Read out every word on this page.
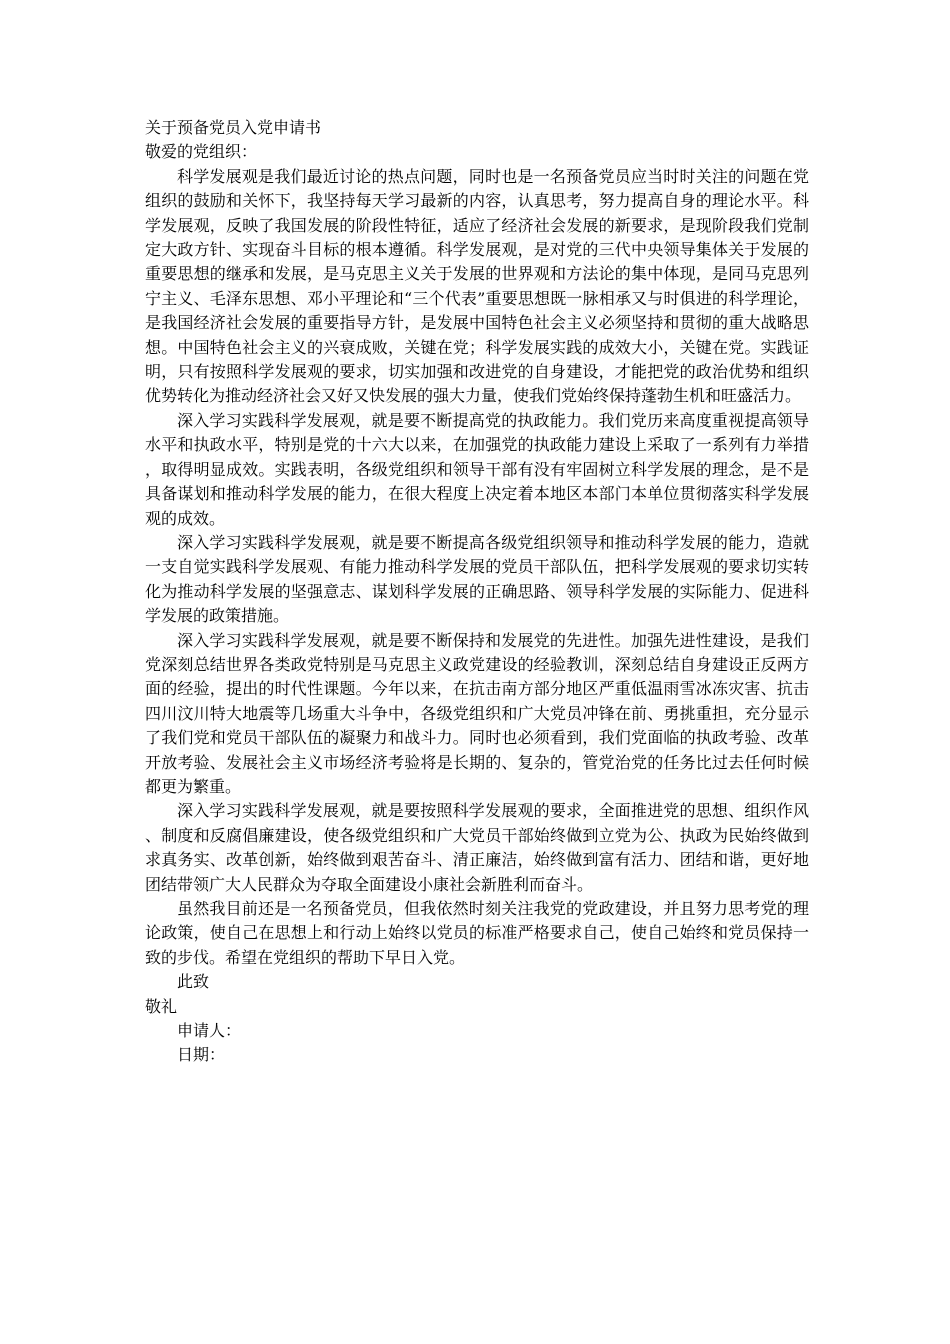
关于预备党员入党申请书

敬爱的党组织：

科学发展观是我们最近讨论的热点问题，同时也是一名预备党员应当时时关注的问题在党组织的鼓励和关怀下，我坚持每天学习最新的内容，认真思考，努力提高自身的理论水平。科学发展观，反映了我国发展的阶段性特征，适应了经济社会发展的新要求，是现阶段我们党制定大政方针、实现奋斗目标的根本遵循。科学发展观，是对党的三代中央领导集体关于发展的重要思想的继承和发展，是马克思主义关于发展的世界观和方法论的集中体现，是同马克思列宁主义、毛泽东思想、邓小平理论和“三个代表”重要思想既一脉相承又与时俱进的科学理论，是我国经济社会发展的重要指导方针，是发展中国特色社会主义必须坚持和贯彻的重大战略思想。中国特色社会主义的兴衰成败，关键在党；科学发展实践的成效大小，关键在党。实践证明，只有按照科学发展观的要求，切实加强和改进党的自身建设，才能把党的政治优势和组织优势转化为推动经济社会又好又快发展的强大力量，使我们党始终保持蓬勃生机和旺盛活力。

深入学习实践科学发展观，就是要不断提高党的执政能力。我们党历来高度重视提高领导水平和执政水平，特别是党的十六大以来，在加强党的执政能力建设上采取了一系列有力举措，取得明显成效。实践表明，各级党组织和领导干部有没有牢固树立科学发展的理念，是不是具备谋划和推动科学发展的能力，在很大程度上决定着本地区本部门本单位贯彻落实科学发展观的成效。

深入学习实践科学发展观，就是要不断提高各级党组织领导和推动科学发展的能力，造就一支自觉实践科学发展观、有能力推动科学发展的党员干部队伍，把科学发展观的要求切实转化为推动科学发展的坚强意志、谋划科学发展的正确思路、领导科学发展的实际能力、促进科学发展的政策措施。

深入学习实践科学发展观，就是要不断保持和发展党的先进性。加强先进性建设，是我们党深刻总结世界各类政党特别是马克思主义政党建设的经验教训，深刻总结自身建设正反两方面的经验，提出的时代性课题。今年以来，在抗击南方部分地区严重低温雨雪冰冻灾害、抗击四川汶川特大地震等几场重大斗争中，各级党组织和广大党员冲锋在前、勇挑重担，充分显示了我们党和党员干部队伍的凝聚力和战斗力。同时也必须看到，我们党面临的执政考验、改革开放考验、发展社会主义市场经济考验将是长期的、复杂的，管党治党的任务比过去任何时候都更为繁重。

深入学习实践科学发展观，就是要按照科学发展观的要求，全面推进党的思想、组织作风、制度和反腐倡廉建设，使各级党组织和广大党员干部始终做到立党为公、执政为民始终做到求真务实、改革创新，始终做到艰苦奋斗、清正廉洁，始终做到富有活力、团结和谐，更好地团结带领广大人民群众为夺取全面建设小康社会新胜利而奋斗。

虽然我目前还是一名预备党员，但我依然时刻关注我党的党政建设，并且努力思考党的理论政策，使自己在思想上和行动上始终以党员的标准严格要求自己，使自己始终和党员保持一致的步伐。希望在党组织的帮助下早日入党。

此致

敬礼

申请人：

日期：
